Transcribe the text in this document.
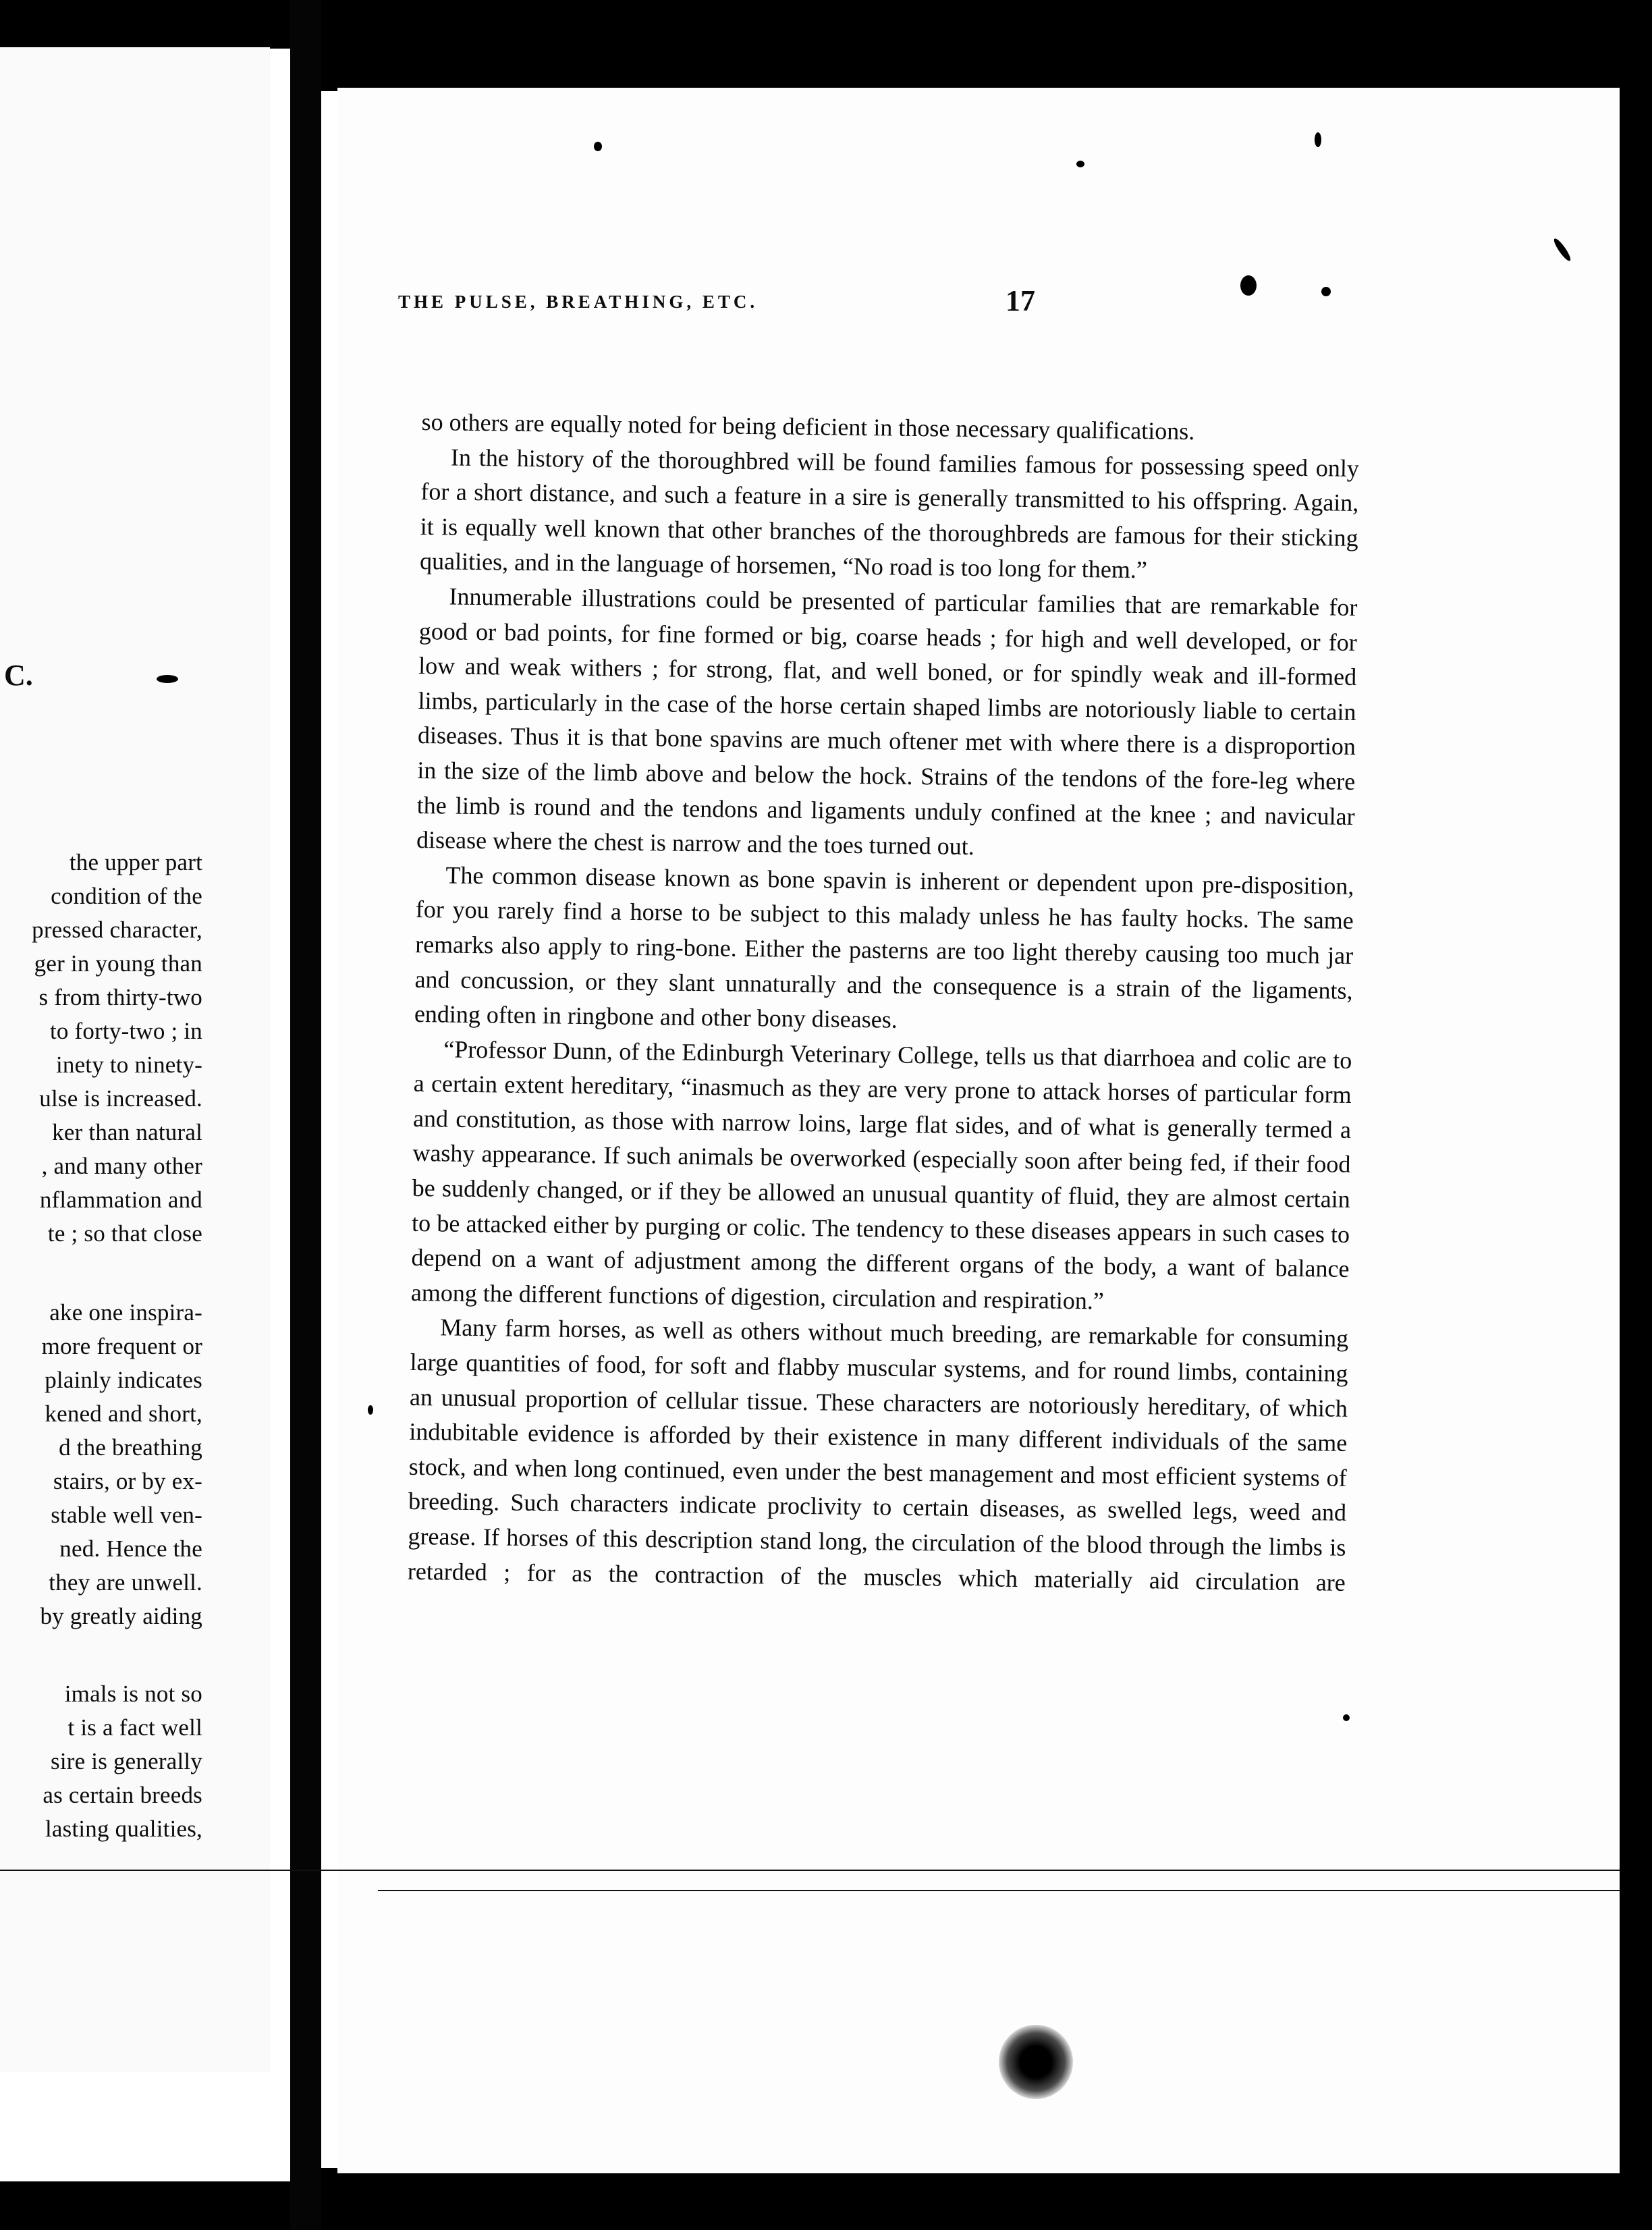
C.
the upper part
condition of the
pressed character,
ger in young than
s from thirty-two
to forty-two ; in
inety to ninety-
ulse is increased.
ker than natural
, and many other
nflammation and
te ; so that close
ake one inspira-
more frequent or
plainly indicates
kened and short,
d the breathing
stairs, or by ex-
stable well ven-
ned. Hence the
they are unwell.
by greatly aiding
imals is not so
t is a fact well
sire is generally
as certain breeds
lasting qualities,
THE PULSE, BREATHING, ETC.	17

so others are equally noted for being deficient in those necessary qualifications.

In the history of the thoroughbred will be found families famous for possessing speed only for a short distance, and such a feature in a sire is generally transmitted to his offspring. Again, it is equally well known that other branches of the thoroughbreds are famous for their sticking qualities, and in the language of horsemen, “No road is too long for them.”

Innumerable illustrations could be presented of particular families that are remarkable for good or bad points, for fine formed or big, coarse heads ; for high and well developed, or for low and weak withers ; for strong, flat, and well boned, or for spindly weak and ill-formed limbs, particularly in the case of the horse certain shaped limbs are notoriously liable to certain diseases. Thus it is that bone spavins are much oftener met with where there is a disproportion in the size of the limb above and below the hock. Strains of the tendons of the fore-leg where the limb is round and the tendons and ligaments unduly confined at the knee ; and navicular disease where the chest is narrow and the toes turned out.

The common disease known as bone spavin is inherent or dependent upon pre-disposition, for you rarely find a horse to be subject to this malady unless he has faulty hocks. The same remarks also apply to ring-bone. Either the pasterns are too light thereby causing too much jar and concussion, or they slant unnaturally and the consequence is a strain of the ligaments, ending often in ringbone and other bony diseases.

“Professor Dunn, of the Edinburgh Veterinary College, tells us that diarrhoea and colic are to a certain extent hereditary, “inasmuch as they are very prone to attack horses of particular form and constitution, as those with narrow loins, large flat sides, and of what is generally termed a washy appearance. If such animals be overworked (especially soon after being fed, if their food be suddenly changed, or if they be allowed an unusual quantity of fluid, they are almost certain to be attacked either by purging or colic. The tendency to these diseases appears in such cases to depend on a want of adjustment among the different organs of the body, a want of balance among the different functions of digestion, circulation and respiration.”

Many farm horses, as well as others without much breeding, are remarkable for consuming large quantities of food, for soft and flabby muscular systems, and for round limbs, containing an unusual proportion of cellular tissue. These characters are notoriously hereditary, of which indubitable evidence is afforded by their existence in many different individuals of the same stock, and when long continued, even under the best management and most efficient systems of breeding. Such characters indicate proclivity to certain diseases, as swelled legs, weed and grease. If horses of this description stand long, the circulation of the blood through the limbs is retarded ; for as the contraction of the muscles which materially aid circulation are
